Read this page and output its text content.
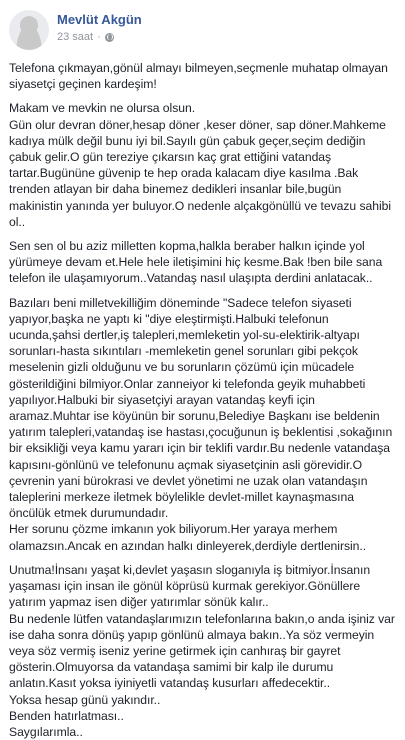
Mevlüt Akgün
23 saat ·

Telefona çıkmayan,gönül almayı bilmeyen,seçmenle muhatap olmayan siyasetçi geçinen kardeşim!

Makam ve mevkin ne olursa olsun.
Gün olur devran döner,hesap döner ,keser döner, sap döner.Mahkeme kadıya mülk değil bunu iyi bil.Sayılı gün çabuk geçer,seçim dediğin çabuk gelir.O gün tereziye çıkarsın kaç grat ettiğini vatandaş tartar.Bugününe güvenip te hep orada kalacam diye kasılma .Bak trenden atlayan bir daha binemez dedikleri insanlar bile,bugün makinistin yanında yer buluyor.O nedenle alçakgönüllü ve tevazu sahibi ol..

Sen sen ol bu aziz milletten kopma,halkla beraber halkın içinde yol yürümeye devam et.Hele hele iletişimini hiç kesme.Bak !ben bile sana telefon ile ulaşamıyorum..Vatandaş nasıl ulaşıpta derdini anlatacak..

Bazıları beni milletvekilliğim döneminde "Sadece telefon siyaseti yapıyor,başka ne yaptı ki "diye eleştirmişti.Halbuki telefonun ucunda,şahsi dertler,iş talepleri,memleketin yol-su-elektirik-altyapı sorunları-hasta sıkıntıları -memleketin genel sorunları gibi pekçok meselenin gizli olduğunu ve bu sorunların çözümü için mücadele gösterildiğini bilmiyor.Onlar zanneiyor ki telefonda geyik muhabbeti yapılıyor.Halbuki bir siyasetçiyi arayan vatandaş keyfi için aramaz.Muhtar ise köyünün bir sorunu,Belediye Başkanı ise beldenin yatırım talepleri,vatandaş ise hastası,çocuğunun iş beklentisi ,sokağının bir eksikliği veya kamu yararı için bir teklifi vardır.Bu nedenle vatandaşa kapısını-gönlünü ve telefonunu açmak siyasetçinin asli görevidir.O çevrenin yani bürokrasi ve devlet yönetimi ne uzak olan vatandaşın taleplerini merkeze iletmek böylelikle devlet-millet kaynaşmasına öncülük etmek durumundadır.
Her sorunu çözme imkanın yok biliyorum.Her yaraya merhem olamazsın.Ancak en azından halkı dinleyerek,derdiyle dertlenirsin..

Unutma!İnsanı yaşat ki,devlet yaşasın sloganıyla iş bitmiyor.İnsanın yaşaması için insan ile gönül köprüsü kurmak gerekiyor.Gönüllere yatırım yapmaz isen diğer yatırımlar sönük kalır..
Bu nedenle lütfen vatandaşlarımızın telefonlarına bakın,o anda işiniz var ise daha sonra dönüş yapıp gönlünü almaya bakın..Ya söz vermeyin veya söz vermiş iseniz yerine getirmek için canhıraş bir gayret gösterin.Olmuyorsa da vatandaşa samimi bir kalp ile durumu anlatın.Kasıt yoksa iyiniyetli vatandaş kusurları affedecektir..
Yoksa hesap günü yakındır..
Benden hatırlatması..
Saygılarımla..
